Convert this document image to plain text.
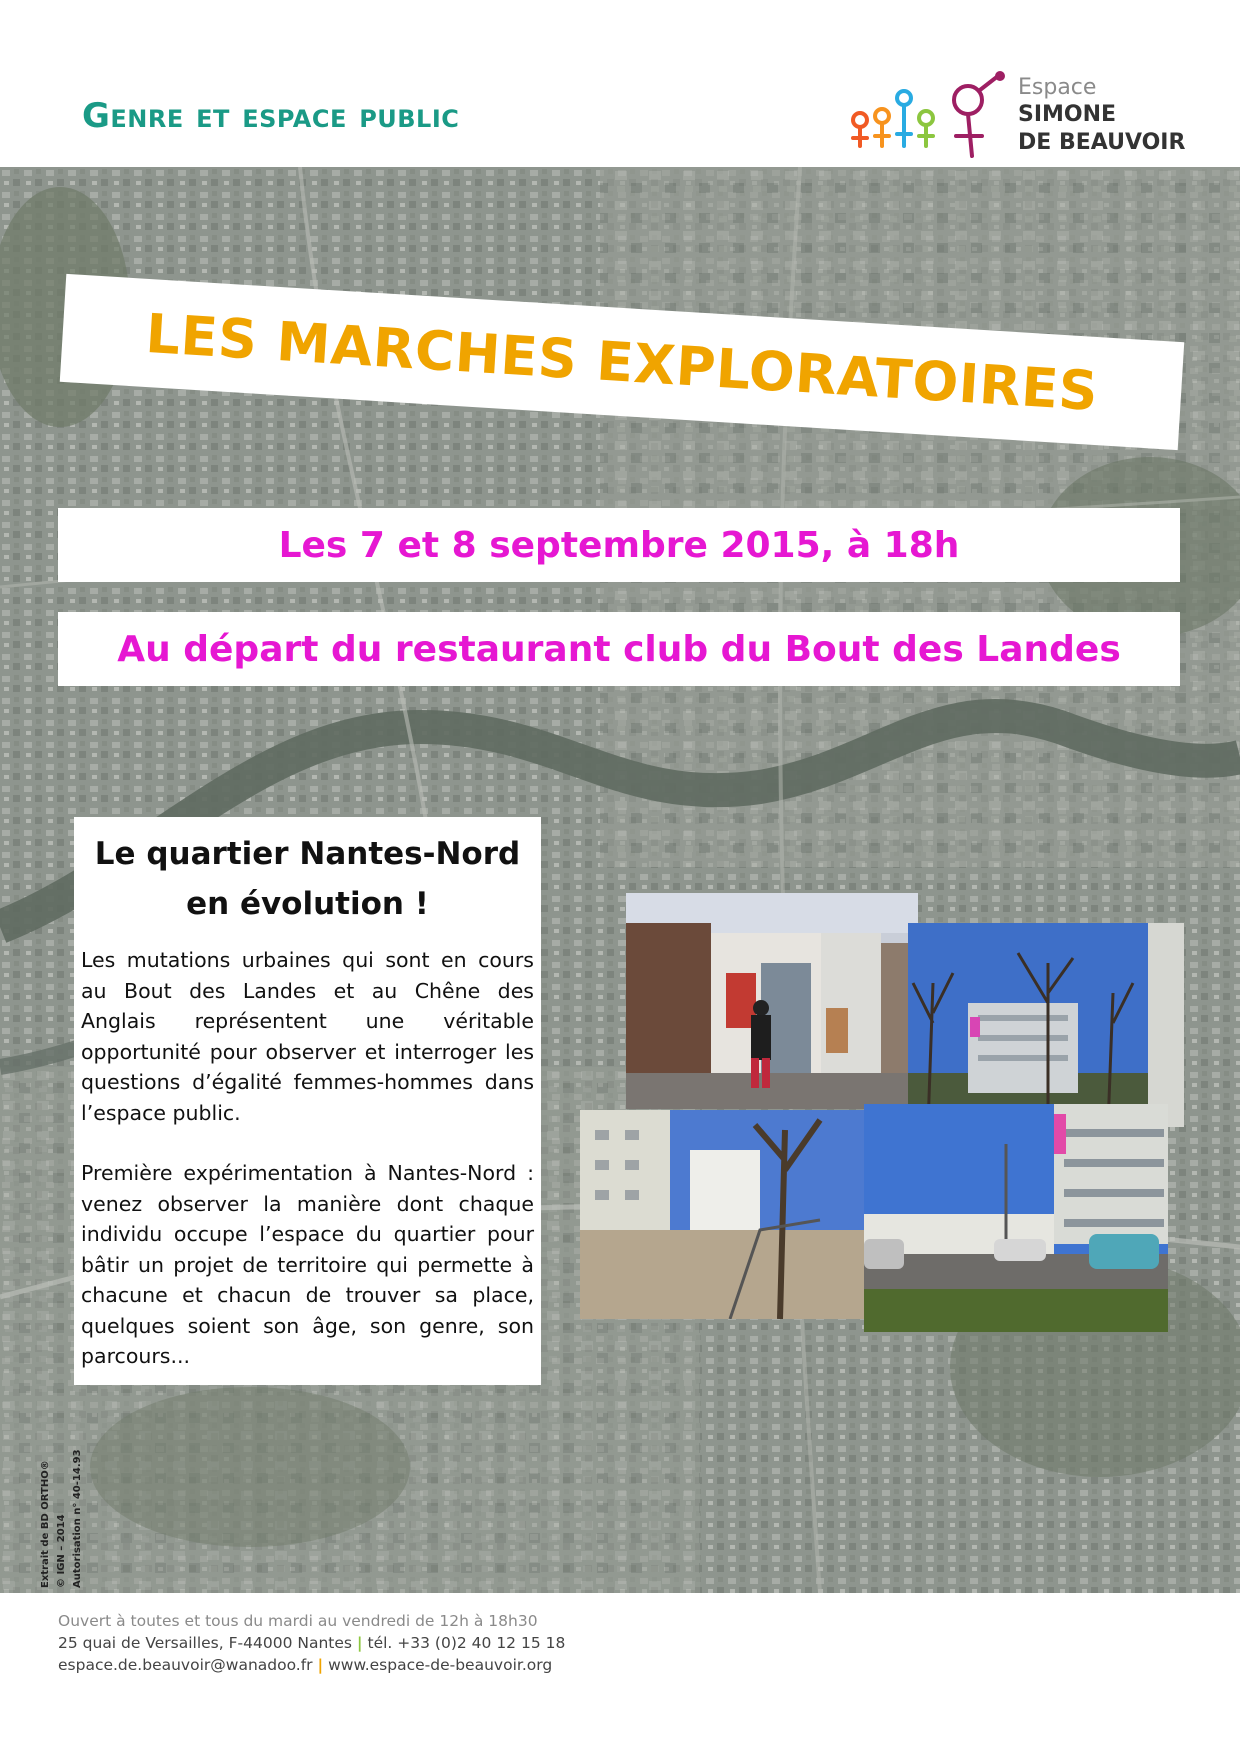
Genre et espace public
Espace
SIMONE
DE BEAUVOIR
Extrait de BD ORTHO® © IGN – 2014 Autorisation n° 40-14.93
LES MARCHES EXPLORATOIRES
Les 7 et 8 septembre 2015, à 18h
Au départ du restaurant club du Bout des Landes
Le quartier Nantes-Nord
en évolution !

Les mutations urbaines qui sont en cours au Bout des Landes et au Chêne des Anglais représentent une véritable opportunité pour observer et interroger les questions d’égalité femmes-hommes dans l’espace public.

Première expérimentation à Nantes-Nord : venez observer la manière dont chaque individu occupe l’espace du quartier pour bâtir un projet de territoire qui permette à chacune et chacun de trouver sa place, quelques soient son âge, son genre, son parcours...

Ouvert à toutes et tous du mardi au vendredi de 12h à 18h30
25 quai de Versailles, F-44000 Nantes | tél. +33 (0)2 40 12 15 18
espace.de.beauvoir@wanadoo.fr | www.espace-de-beauvoir.org
